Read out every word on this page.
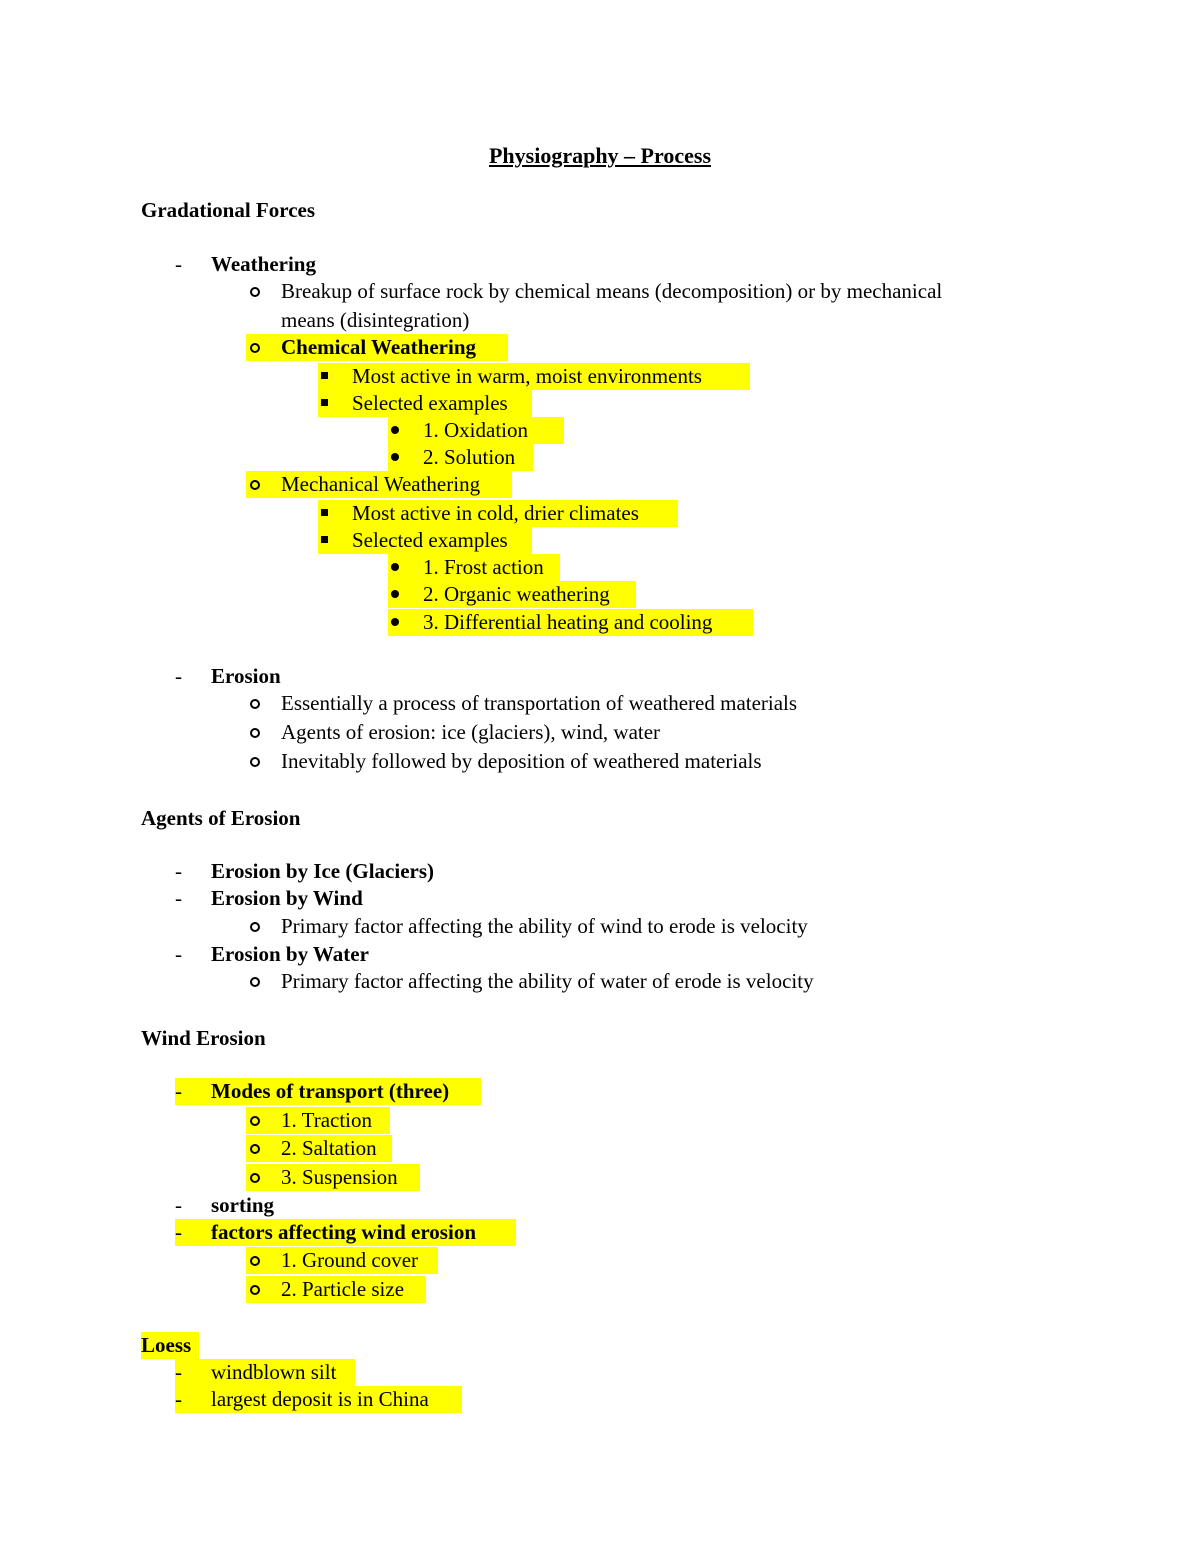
Physiography – Process
Gradational Forces
- Weathering
Breakup of surface rock by chemical means (decomposition) or by mechanical
means (disintegration)
Chemical Weathering
Most active in warm, moist environments
Selected examples
1. Oxidation
2. Solution
Mechanical Weathering
Most active in cold, drier climates
Selected examples
1. Frost action
2. Organic weathering
3. Differential heating and cooling
- Erosion
Essentially a process of transportation of weathered materials
Agents of erosion: ice (glaciers), wind, water
Inevitably followed by deposition of weathered materials
Agents of Erosion
- Erosion by Ice (Glaciers)
- Erosion by Wind
Primary factor affecting the ability of wind to erode is velocity
- Erosion by Water
Primary factor affecting the ability of water of erode is velocity
Wind Erosion
- Modes of transport (three)
1. Traction
2. Saltation
3. Suspension
- sorting
- factors affecting wind erosion
1. Ground cover
2. Particle size
Loess
- windblown silt
- largest deposit is in China
